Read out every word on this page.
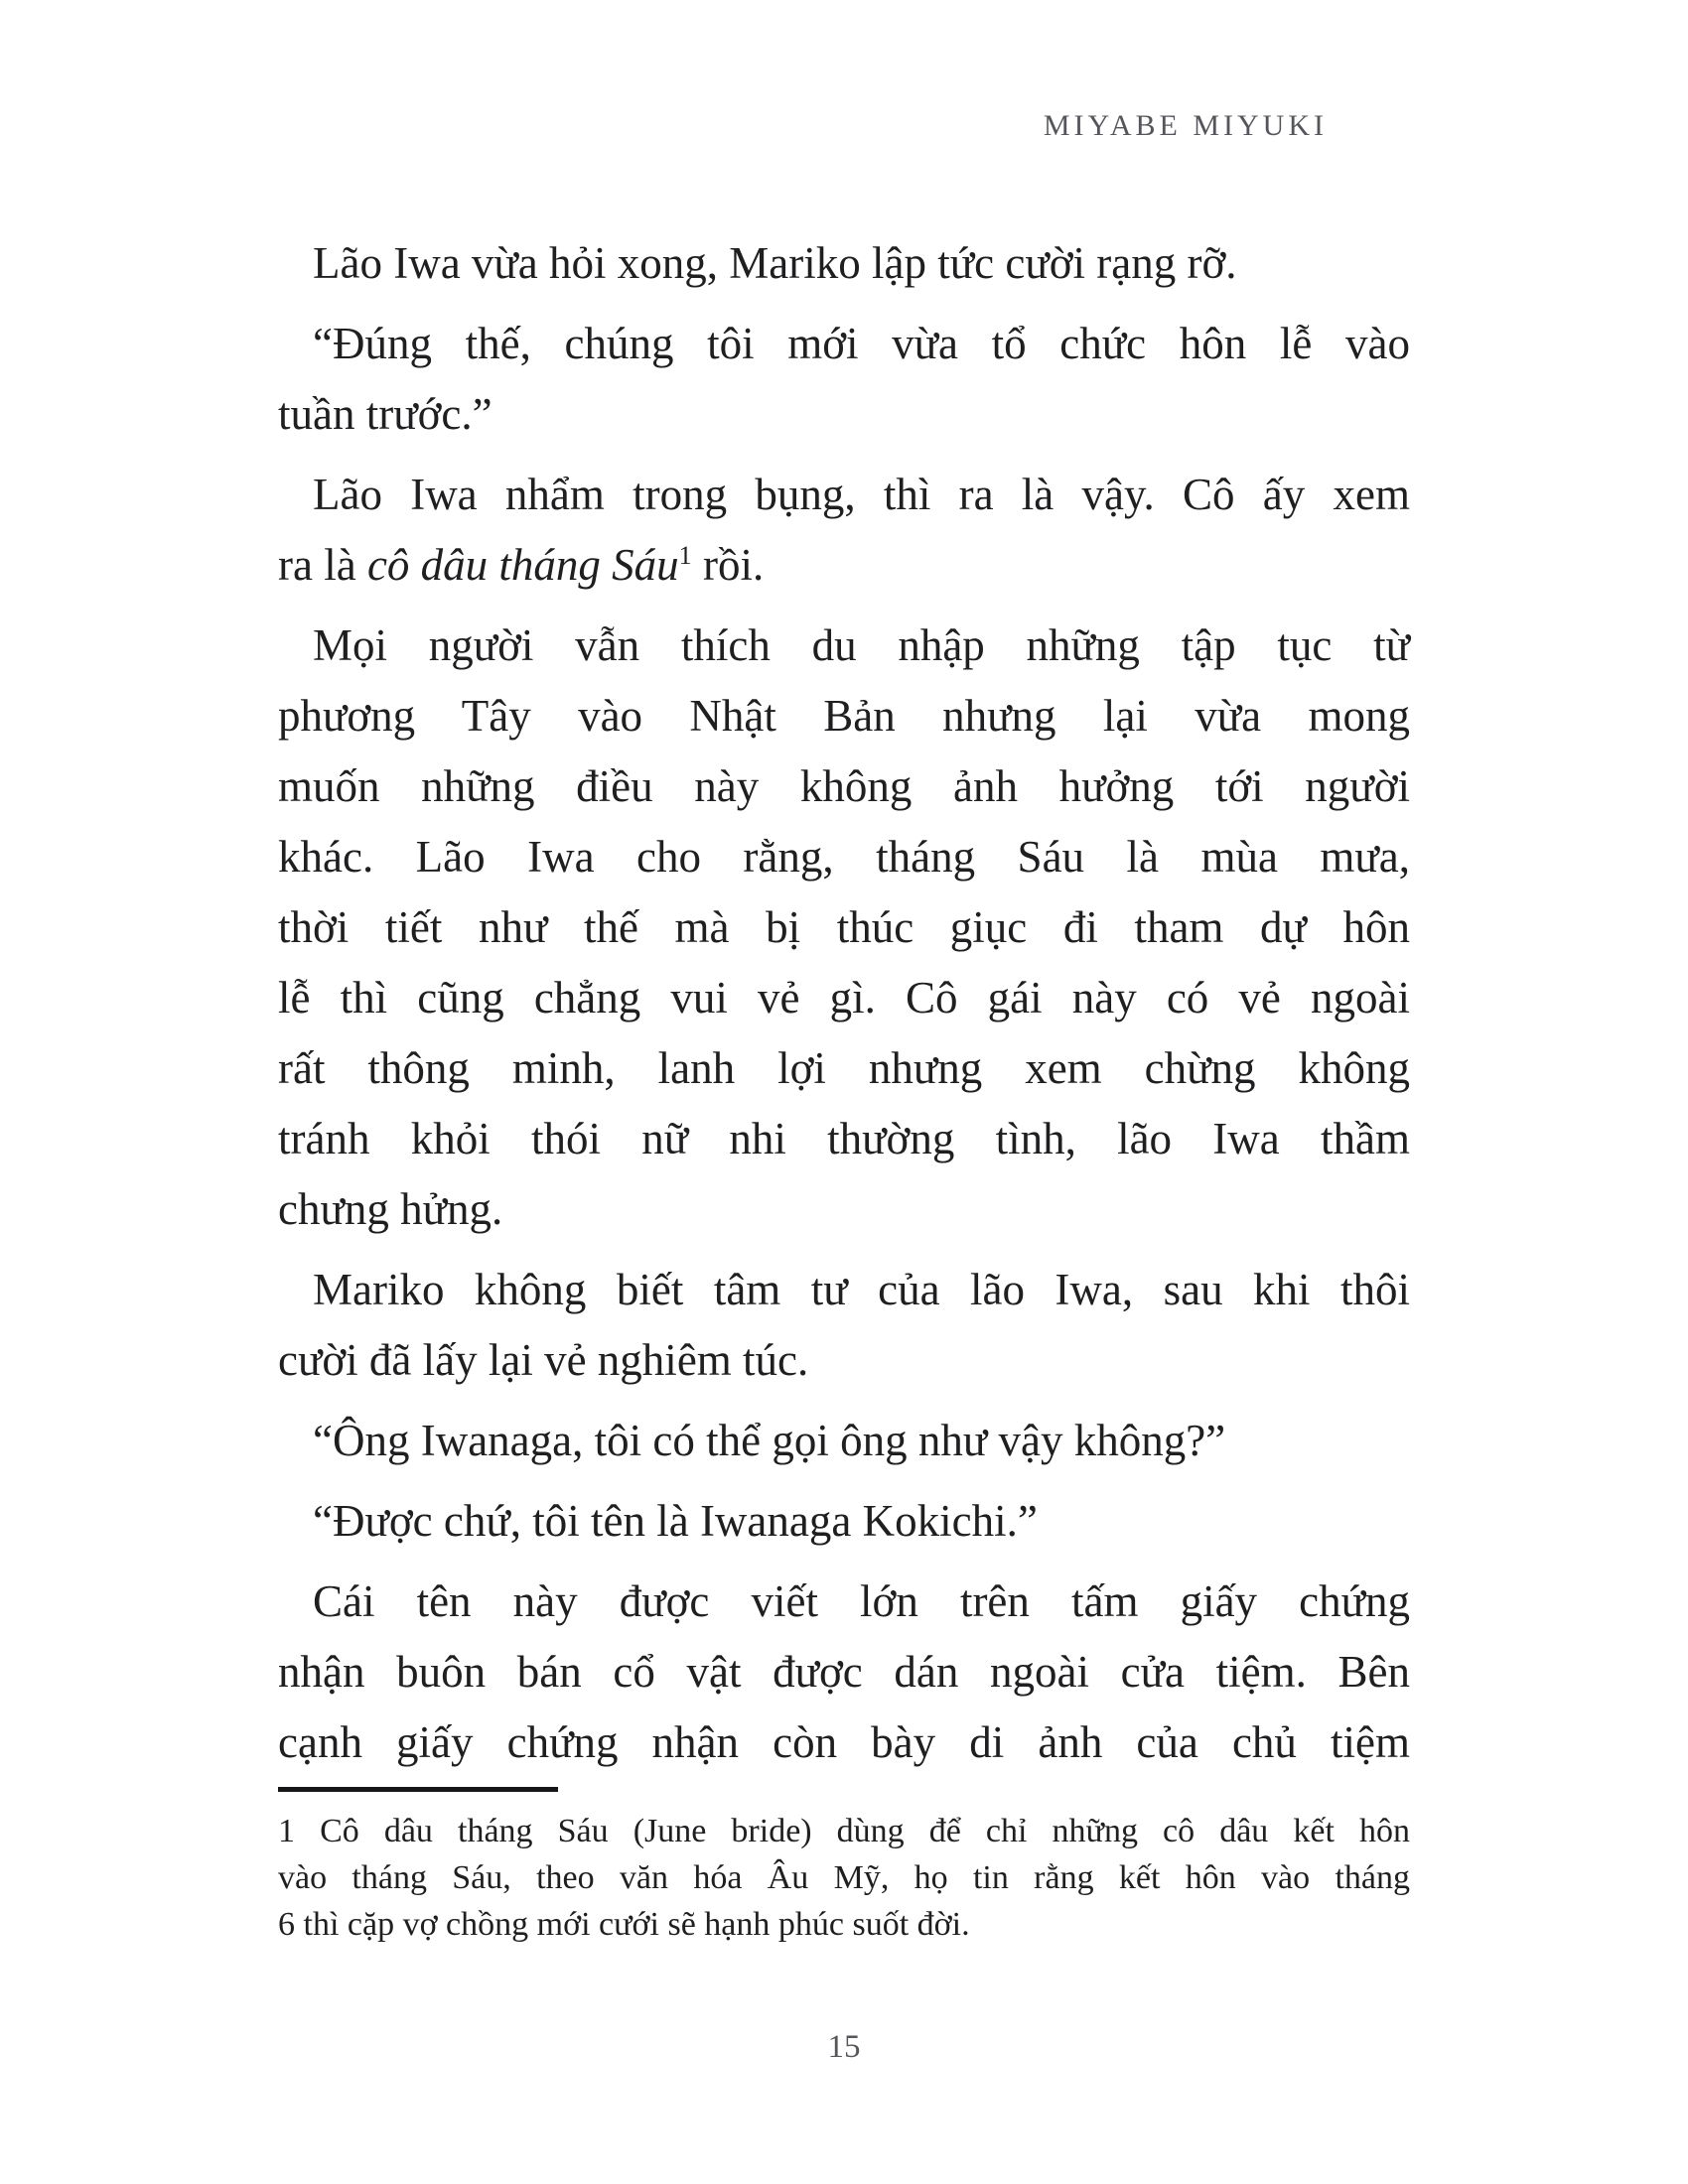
MIYABE MIYUKI
Lão Iwa vừa hỏi xong, Mariko lập tức cười rạng rỡ.
“Đúng thế, chúng tôi mới vừa tổ chức hôn lễ vào
tuần trước.”
Lão Iwa nhẩm trong bụng, thì ra là vậy. Cô ấy xem
ra là cô dâu tháng Sáu$^1$ rồi.
Mọi người vẫn thích du nhập những tập tục từ
phương Tây vào Nhật Bản nhưng lại vừa mong
muốn những điều này không ảnh hưởng tới người
khác. Lão Iwa cho rằng, tháng Sáu là mùa mưa,
thời tiết như thế mà bị thúc giục đi tham dự hôn
lễ thì cũng chẳng vui vẻ gì. Cô gái này có vẻ ngoài
rất thông minh, lanh lợi nhưng xem chừng không
tránh khỏi thói nữ nhi thường tình, lão Iwa thầm
chưng hửng.
Mariko không biết tâm tư của lão Iwa, sau khi thôi
cười đã lấy lại vẻ nghiêm túc.
“Ông Iwanaga, tôi có thể gọi ông như vậy không?”
“Được chứ, tôi tên là Iwanaga Kokichi.”
Cái tên này được viết lớn trên tấm giấy chứng
nhận buôn bán cổ vật được dán ngoài cửa tiệm. Bên
cạnh giấy chứng nhận còn bày di ảnh của chủ tiệm
1 Cô dâu tháng Sáu (June bride) dùng để chỉ những cô dâu kết hôn
vào tháng Sáu, theo văn hóa Âu Mỹ, họ tin rằng kết hôn vào tháng
6 thì cặp vợ chồng mới cưới sẽ hạnh phúc suốt đời.
15
